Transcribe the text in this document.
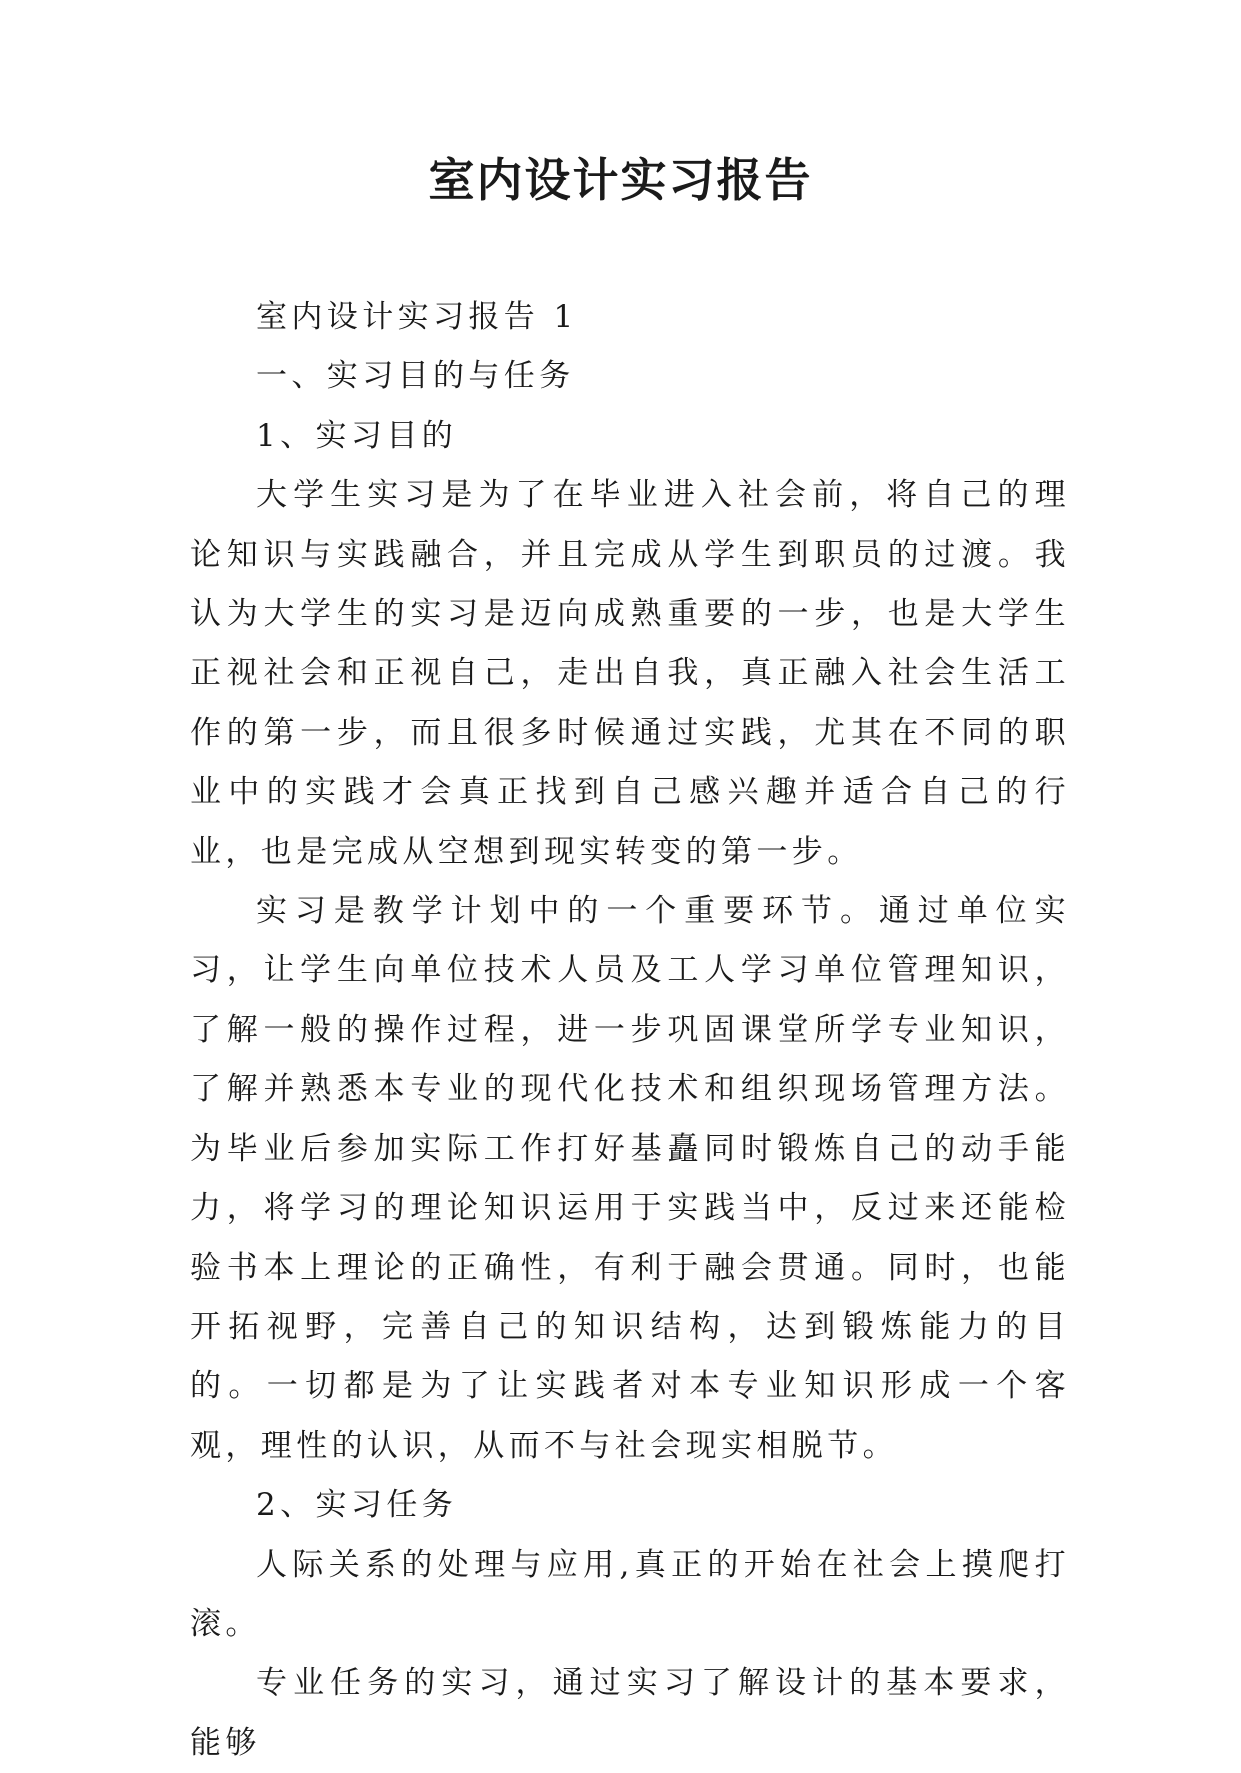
室内设计实习报告

室内设计实习报告 1

一、实习目的与任务

1、实习目的

大学生实习是为了在毕业进入社会前，将自己的理论知识与实践融合，并且完成从学生到职员的过渡。我认为大学生的实习是迈向成熟重要的一步，也是大学生正视社会和正视自己，走出自我，真正融入社会生活工作的第一步，而且很多时候通过实践，尤其在不同的职业中的实践才会真正找到自己感兴趣并适合自己的行业，也是完成从空想到现实转变的第一步。

实习是教学计划中的一个重要环节。通过单位实习，让学生向单位技术人员及工人学习单位管理知识，了解一般的操作过程，进一步巩固课堂所学专业知识，了解并熟悉本专业的现代化技术和组织现场管理方法。为毕业后参加实际工作打好基矗同时锻炼自己的动手能力，将学习的理论知识运用于实践当中，反过来还能检验书本上理论的正确性，有利于融会贯通。同时，也能开拓视野，完善自己的知识结构，达到锻炼能力的目的。一切都是为了让实践者对本专业知识形成一个客观，理性的认识，从而不与社会现实相脱节。

2、实习任务

人际关系的处理与应用,真正的开始在社会上摸爬打滚。

专业任务的实习，通过实习了解设计的基本要求，能够
